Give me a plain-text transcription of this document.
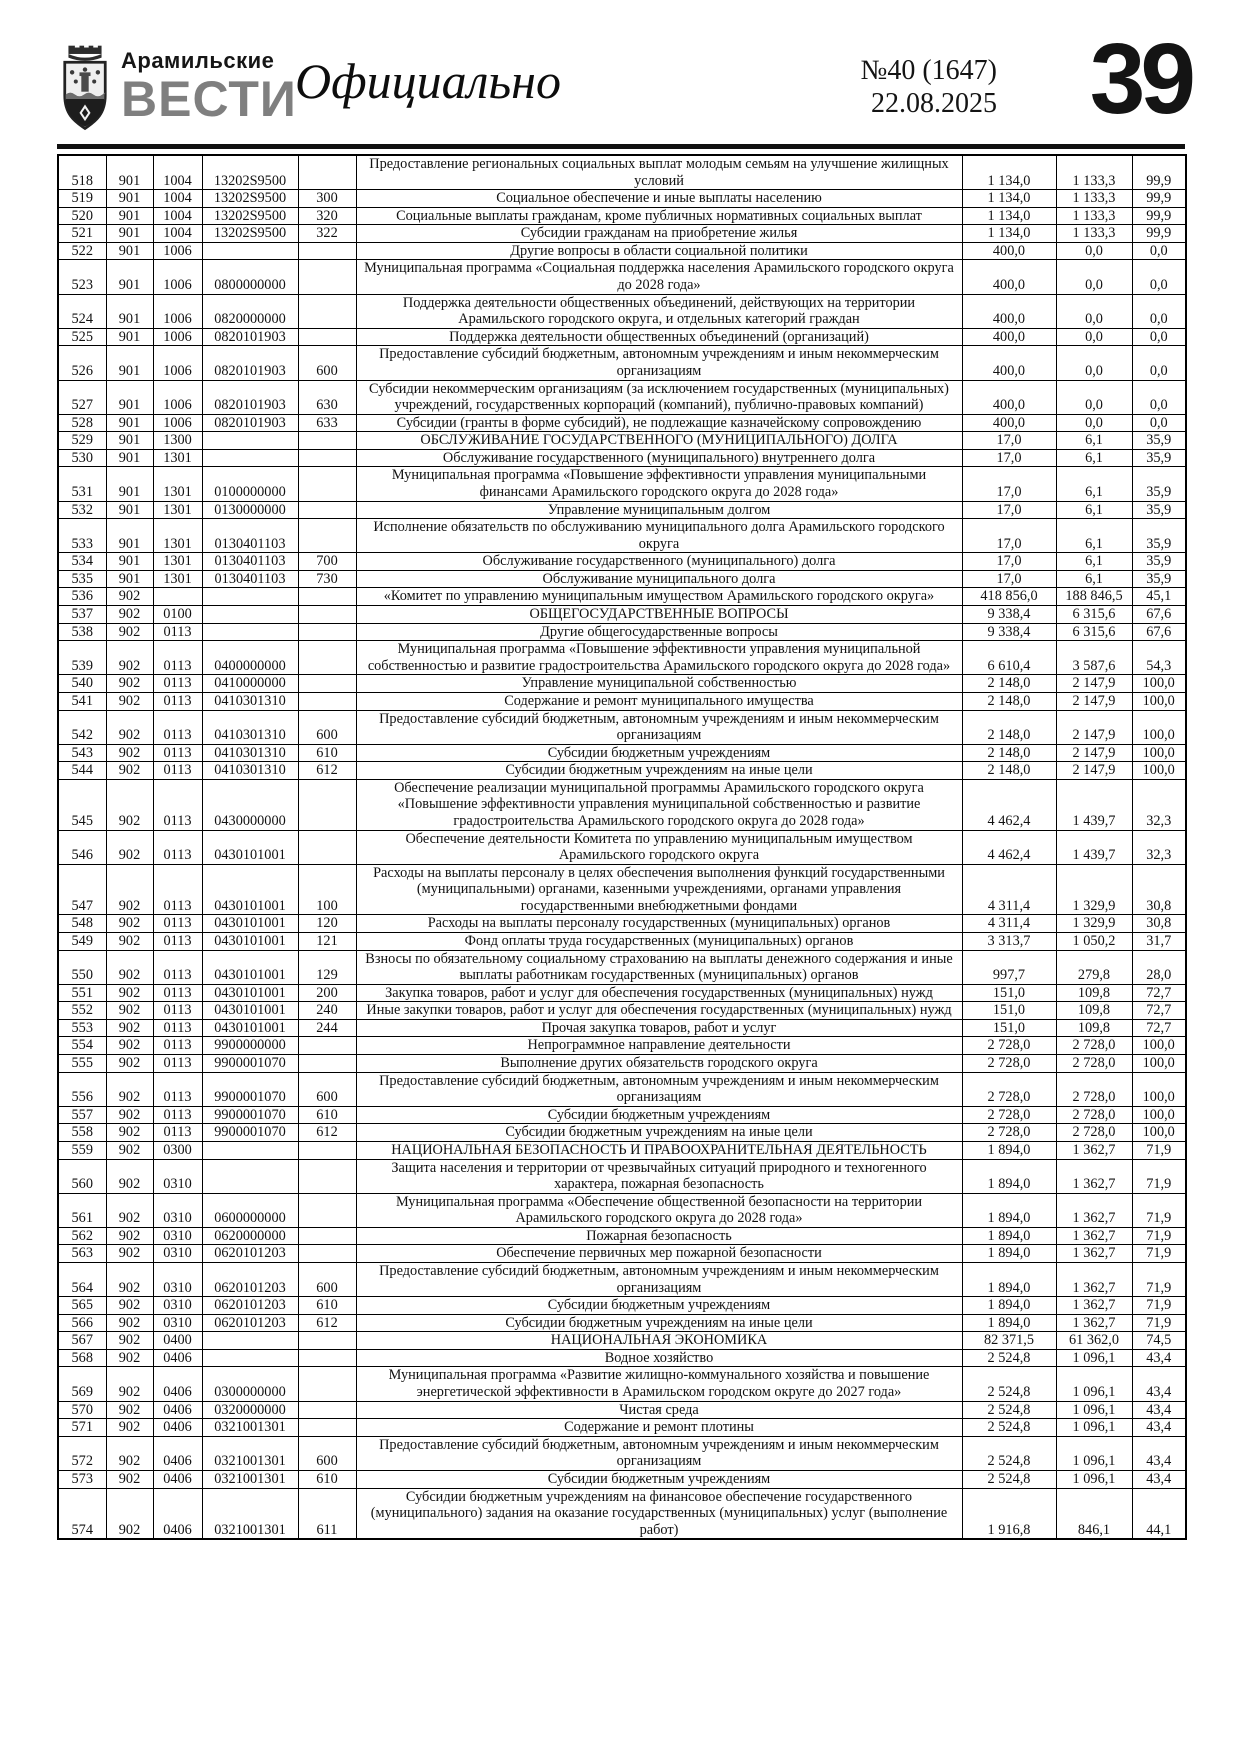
Арамильские
ВЕСТИ
Официально	№40 (1647)
22.08.2025 39
518	901	1004	13202S9500		Предоставление региональных социальных выплат молодым семьям на улучшение жилищных условий	1 134,0	1 133,3	99,9
519	901	1004	13202S9500	300	Социальное обеспечение и иные выплаты населению	1 134,0	1 133,3	99,9
520	901	1004	13202S9500	320	Социальные выплаты гражданам, кроме публичных нормативных социальных выплат	1 134,0	1 133,3	99,9
521	901	1004	13202S9500	322	Субсидии гражданам на приобретение жилья	1 134,0	1 133,3	99,9
522	901	1006			Другие вопросы в области социальной политики	400,0	0,0	0,0
523	901	1006	0800000000		Муниципальная программа «Социальная поддержка населения Арамильского городского округа до 2028 года»	400,0	0,0	0,0
524	901	1006	0820000000		Поддержка деятельности общественных объединений, действующих на территории Арамильского городского округа, и отдельных категорий граждан	400,0	0,0	0,0
525	901	1006	0820101903		Поддержка деятельности общественных объединений (организаций)	400,0	0,0	0,0
526	901	1006	0820101903	600	Предоставление субсидий бюджетным, автономным учреждениям и иным некоммерческим организациям	400,0	0,0	0,0
527	901	1006	0820101903	630	Субсидии некоммерческим организациям (за исключением государственных (муниципальных) учреждений, государственных корпораций (компаний), публично-правовых компаний)	400,0	0,0	0,0
528	901	1006	0820101903	633	Субсидии (гранты в форме субсидий), не подлежащие казначейскому сопровождению	400,0	0,0	0,0
529	901	1300			ОБСЛУЖИВАНИЕ ГОСУДАРСТВЕННОГО (МУНИЦИПАЛЬНОГО) ДОЛГА	17,0	6,1	35,9
530	901	1301			Обслуживание государственного (муниципального) внутреннего долга	17,0	6,1	35,9
531	901	1301	0100000000		Муниципальная программа «Повышение эффективности управления муниципальными финансами Арамильского городского округа до 2028 года»	17,0	6,1	35,9
532	901	1301	0130000000		Управление муниципальным долгом	17,0	6,1	35,9
533	901	1301	0130401103		Исполнение обязательств по обслуживанию муниципального долга Арамильского городского округа	17,0	6,1	35,9
534	901	1301	0130401103	700	Обслуживание государственного (муниципального) долга	17,0	6,1	35,9
535	901	1301	0130401103	730	Обслуживание муниципального долга	17,0	6,1	35,9
536	902				«Комитет по управлению муниципальным имуществом Арамильского городского округа»	418 856,0	188 846,5	45,1
537	902	0100			ОБЩЕГОСУДАРСТВЕННЫЕ ВОПРОСЫ	9 338,4	6 315,6	67,6
538	902	0113			Другие общегосударственные вопросы	9 338,4	6 315,6	67,6
539	902	0113	0400000000		Муниципальная программа «Повышение эффективности управления муниципальной собственностью и развитие градостроительства Арамильского городского округа до 2028 года»	6 610,4	3 587,6	54,3
540	902	0113	0410000000		Управление муниципальной собственностью	2 148,0	2 147,9	100,0
541	902	0113	0410301310		Содержание и ремонт муниципального имущества	2 148,0	2 147,9	100,0
542	902	0113	0410301310	600	Предоставление субсидий бюджетным, автономным учреждениям и иным некоммерческим организациям	2 148,0	2 147,9	100,0
543	902	0113	0410301310	610	Субсидии бюджетным учреждениям	2 148,0	2 147,9	100,0
544	902	0113	0410301310	612	Субсидии бюджетным учреждениям на иные цели	2 148,0	2 147,9	100,0
545	902	0113	0430000000		Обеспечение реализации муниципальной программы Арамильского городского округа «Повышение эффективности управления муниципальной собственностью и развитие градостроительства Арамильского городского округа до 2028 года»	4 462,4	1 439,7	32,3
546	902	0113	0430101001		Обеспечение деятельности Комитета по управлению муниципальным имуществом Арамильского городского округа	4 462,4	1 439,7	32,3
547	902	0113	0430101001	100	Расходы на выплаты персоналу в целях обеспечения выполнения функций государственными (муниципальными) органами, казенными учреждениями, органами управления государственными внебюджетными фондами	4 311,4	1 329,9	30,8
548	902	0113	0430101001	120	Расходы на выплаты персоналу государственных (муниципальных) органов	4 311,4	1 329,9	30,8
549	902	0113	0430101001	121	Фонд оплаты труда государственных (муниципальных) органов	3 313,7	1 050,2	31,7
550	902	0113	0430101001	129	Взносы по обязательному социальному страхованию на выплаты денежного содержания и иные выплаты работникам государственных (муниципальных) органов	997,7	279,8	28,0
551	902	0113	0430101001	200	Закупка товаров, работ и услуг для обеспечения государственных (муниципальных) нужд	151,0	109,8	72,7
552	902	0113	0430101001	240	Иные закупки товаров, работ и услуг для обеспечения государственных (муниципальных) нужд	151,0	109,8	72,7
553	902	0113	0430101001	244	Прочая закупка товаров, работ и услуг	151,0	109,8	72,7
554	902	0113	9900000000		Непрограммное направление деятельности	2 728,0	2 728,0	100,0
555	902	0113	9900001070		Выполнение других обязательств городского округа	2 728,0	2 728,0	100,0
556	902	0113	9900001070	600	Предоставление субсидий бюджетным, автономным учреждениям и иным некоммерческим организациям	2 728,0	2 728,0	100,0
557	902	0113	9900001070	610	Субсидии бюджетным учреждениям	2 728,0	2 728,0	100,0
558	902	0113	9900001070	612	Субсидии бюджетным учреждениям на иные цели	2 728,0	2 728,0	100,0
559	902	0300			НАЦИОНАЛЬНАЯ БЕЗОПАСНОСТЬ И ПРАВООХРАНИТЕЛЬНАЯ ДЕЯТЕЛЬНОСТЬ	1 894,0	1 362,7	71,9
560	902	0310			Защита населения и территории от чрезвычайных ситуаций природного и техногенного характера, пожарная безопасность	1 894,0	1 362,7	71,9
561	902	0310	0600000000		Муниципальная программа «Обеспечение общественной безопасности на территории Арамильского городского округа до 2028 года»	1 894,0	1 362,7	71,9
562	902	0310	0620000000		Пожарная безопасность	1 894,0	1 362,7	71,9
563	902	0310	0620101203		Обеспечение первичных мер пожарной безопасности	1 894,0	1 362,7	71,9
564	902	0310	0620101203	600	Предоставление субсидий бюджетным, автономным учреждениям и иным некоммерческим организациям	1 894,0	1 362,7	71,9
565	902	0310	0620101203	610	Субсидии бюджетным учреждениям	1 894,0	1 362,7	71,9
566	902	0310	0620101203	612	Субсидии бюджетным учреждениям на иные цели	1 894,0	1 362,7	71,9
567	902	0400			НАЦИОНАЛЬНАЯ ЭКОНОМИКА	82 371,5	61 362,0	74,5
568	902	0406			Водное хозяйство	2 524,8	1 096,1	43,4
569	902	0406	0300000000		Муниципальная программа «Развитие жилищно-коммунального хозяйства и повышение энергетической эффективности в Арамильском городском округе до 2027 года»	2 524,8	1 096,1	43,4
570	902	0406	0320000000		Чистая среда	2 524,8	1 096,1	43,4
571	902	0406	0321001301		Содержание и ремонт плотины	2 524,8	1 096,1	43,4
572	902	0406	0321001301	600	Предоставление субсидий бюджетным, автономным учреждениям и иным некоммерческим организациям	2 524,8	1 096,1	43,4
573	902	0406	0321001301	610	Субсидии бюджетным учреждениям	2 524,8	1 096,1	43,4
574	902	0406	0321001301	611	Субсидии бюджетным учреждениям на финансовое обеспечение государственного (муниципального) задания на оказание государственных (муниципальных) услуг (выполнение работ)	1 916,8	846,1	44,1
